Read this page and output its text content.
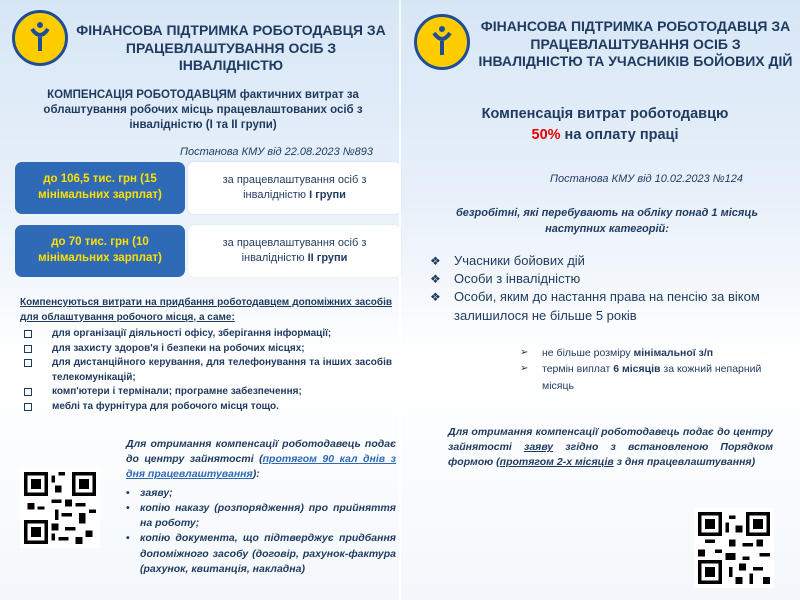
ФІНАНСОВА ПІДТРИМКА РОБОТОДАВЦЯ ЗА ПРАЦЕВЛАШТУВАННЯ ОСІБ З ІНВАЛІДНІСТЮ
КОМПЕНСАЦІЯ РОБОТОДАВЦЯМ фактичних витрат за облаштування робочих місць працевлаштованих осіб з інвалідністю (І та ІІ групи)
Постанова КМУ від 22.08.2023 №893
до 106,5 тис. грн (15 мінімальних зарплат)
за працевлаштування осіб з інвалідністю І групи
до 70 тис. грн (10 мінімальних зарплат)
за працевлаштування осіб з інвалідністю ІІ групи
Компенсуються витрати на придбання роботодавцем допоміжних засобів для облаштування робочого місця, а саме:
для організації діяльності офісу, зберігання інформації;
для захисту здоров'я і безпеки на робочих місцях;
для дистанційного керування, для телефонування та інших засобів телекомунікацій;
комп'ютери і термінали; програмне забезпечення;
меблі та фурнітура для робочого місця тощо.
Для отримання компенсації роботодавець подає до центру зайнятості (протягом 90 кал днів з дня працевлаштування):
• заяву;
• копію наказу (розпорядження) про прийняття на роботу;
• копію документа, що підтверджує придбання допоміжного засобу (договір, рахунок-фактура (рахунок, квитанція, накладна)
ФІНАНСОВА ПІДТРИМКА РОБОТОДАВЦЯ ЗА ПРАЦЕВЛАШТУВАННЯ ОСІБ З ІНВАЛІДНІСТЮ ТА УЧАСНИКІВ БОЙОВИХ ДІЙ
Компенсація витрат роботодавцю
50% на оплату праці
Постанова КМУ від 10.02.2023 №124
безробітні, які перебувають на обліку понад 1 місяць наступних категорій:
❖ Учасники бойових дій
❖ Особи з інвалідністю
❖ Особи, яким до настання права на пенсію за віком залишилося не більше 5 років
➢ не більше розміру мінімальної з/п
➢ термін виплат 6 місяців за кожний непарний місяць
Для отримання компенсації роботодавець подає до центру зайнятості заяву згідно з встановленою Порядком формою (протягом 2-х місяців з дня працевлаштування)
